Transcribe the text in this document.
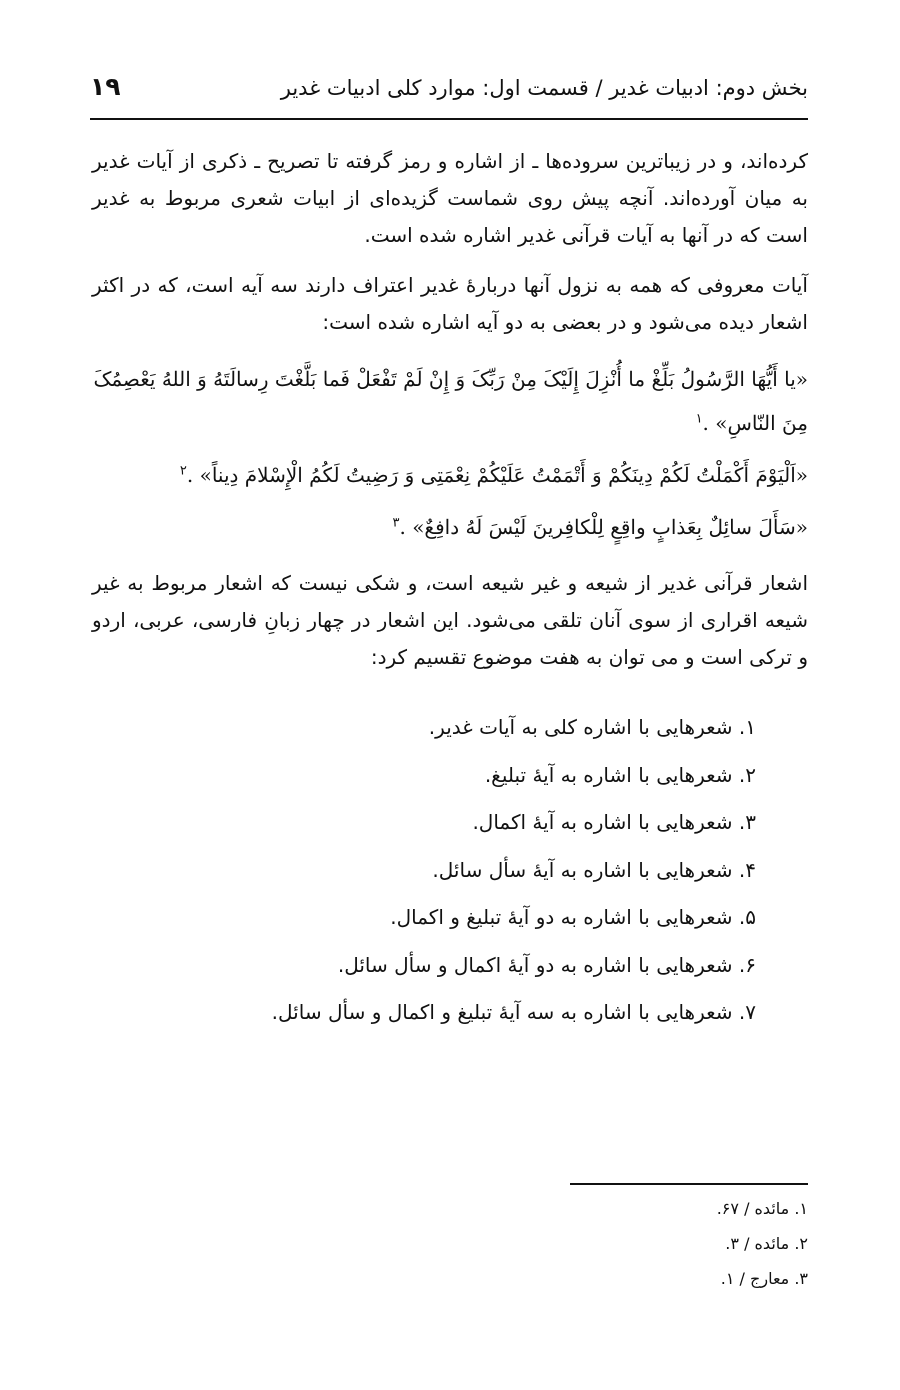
بخش دوم: ادبیات غدیر / قسمت اول: موارد کلی ادبیات غدیر
۱۹

کرده‌اند، و در زیباترین سروده‌ها ـ از اشاره و رمز گرفته تا تصریح ـ ذکری از آیات غدیر به میان آورده‌اند. آنچه پیش روی شماست گزیده‌ای از ابیات شعری مربوط به غدیر است که در آنها به آیات قرآنی غدیر اشاره شده است.

آیات معروفی که همه به نزول آنها دربارهٔ غدیر اعتراف دارند سه آیه است، که در اکثر اشعار دیده می‌شود و در بعضی به دو آیه اشاره شده است:

«یا أَیُّهَا الرَّسُولُ بَلِّغْ ما أُنْزِلَ إِلَیْکَ مِنْ رَبِّکَ وَ إِنْ لَمْ تَفْعَلْ فَما بَلَّغْتَ رِسالَتَهُ وَ اللهُ یَعْصِمُکَ مِنَ النّاسِ» .$^۱$

«اَلْیَوْمَ أَکْمَلْتُ لَکُمْ دِینَکُمْ وَ أَتْمَمْتُ عَلَیْکُمْ نِعْمَتِی وَ رَضِیتُ لَکُمُ الْإِسْلامَ دِیناً» .$^۲$

«سَأَلَ سائِلٌ بِعَذابٍ واقِعٍ لِلْکافِرینَ لَیْسَ لَهُ دافِعٌ» .$^۳$

اشعار قرآنی غدیر از شیعه و غیر شیعه است، و شکی نیست که اشعار مربوط به غیر شیعه اقراری از سوی آنان تلقی می‌شود. این اشعار در چهار زبانِ فارسی، عربی، اردو و ترکی است و می توان به هفت موضوع تقسیم کرد:

۱. شعرهایی با اشاره کلی به آیات غدیر.
۲. شعرهایی با اشاره به آیهٔ تبلیغ.
۳. شعرهایی با اشاره به آیهٔ اکمال.
۴. شعرهایی با اشاره به آیهٔ سأل سائل.
۵. شعرهایی با اشاره به دو آیهٔ تبلیغ و اکمال.
۶. شعرهایی با اشاره به دو آیهٔ اکمال و سأل سائل.
۷. شعرهایی با اشاره به سه آیهٔ تبلیغ و اکمال و سأل سائل.
۱. مائده / ۶۷.
۲. مائده / ۳.
۳. معارج / ۱.
